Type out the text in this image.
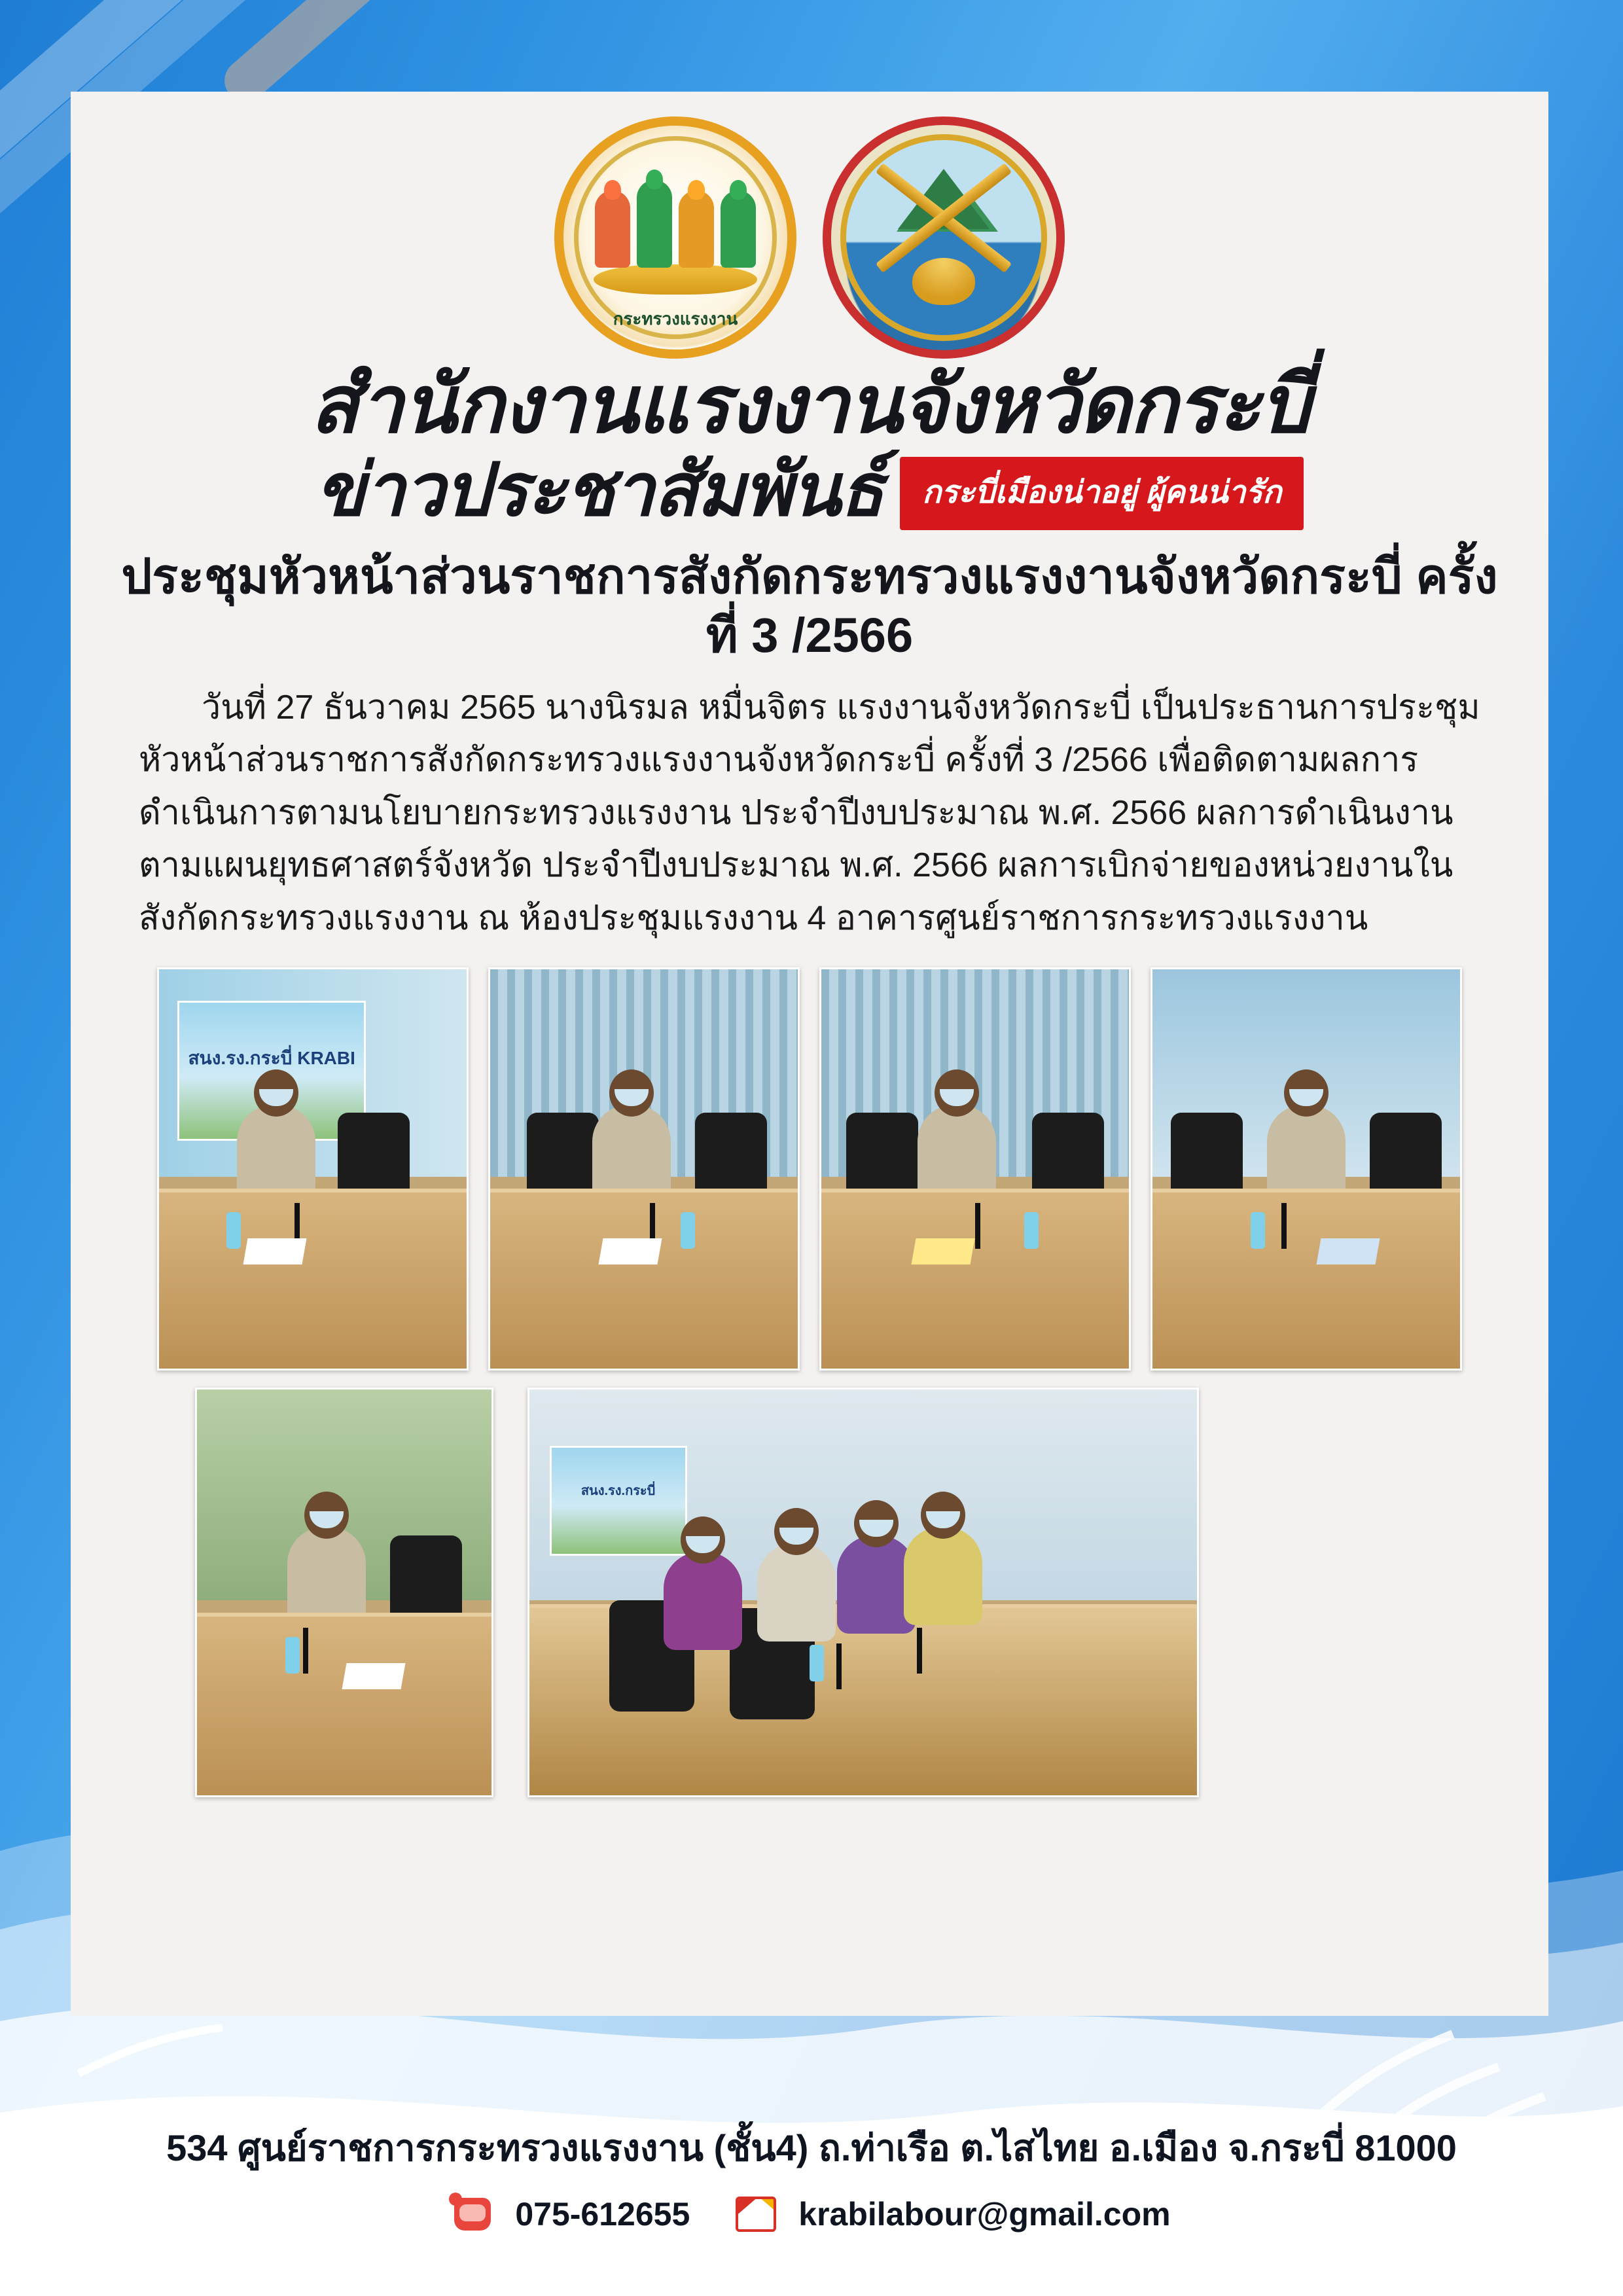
กระทรวงแรงงาน
สำนักงานแรงงานจังหวัดกระบี่
ข่าวประชาสัมพันธ์	กระบี่เมืองน่าอยู่ ผู้คนน่ารัก
ประชุมหัวหน้าส่วนราชการสังกัดกระทรวงแรงงานจังหวัดกระบี่ ครั้งที่ 3 /2566
วันที่ 27 ธันวาคม 2565 นางนิรมล หมื่นจิตร แรงงานจังหวัดกระบี่ เป็นประธานการประชุมหัวหน้าส่วนราชการสังกัดกระทรวงแรงงานจังหวัดกระบี่ ครั้งที่ 3 /2566 เพื่อติดตามผลการดำเนินการตามนโยบายกระทรวงแรงงาน ประจำปีงบประมาณ พ.ศ. 2566 ผลการดำเนินงานตามแผนยุทธศาสตร์จังหวัด ประจำปีงบประมาณ พ.ศ. 2566 ผลการเบิกจ่ายของหน่วยงานในสังกัดกระทรวงแรงงาน ณ ห้องประชุมแรงงาน 4 อาคารศูนย์ราชการกระทรวงแรงงาน
สนง.รง.กระบี่ KRABI
สนง.รง.กระบี่
534 ศูนย์ราชการกระทรวงแรงงาน (ชั้น4) ถ.ท่าเรือ ต.ไสไทย อ.เมือง จ.กระบี่ 81000
075-612655	krabilabour@gmail.com
